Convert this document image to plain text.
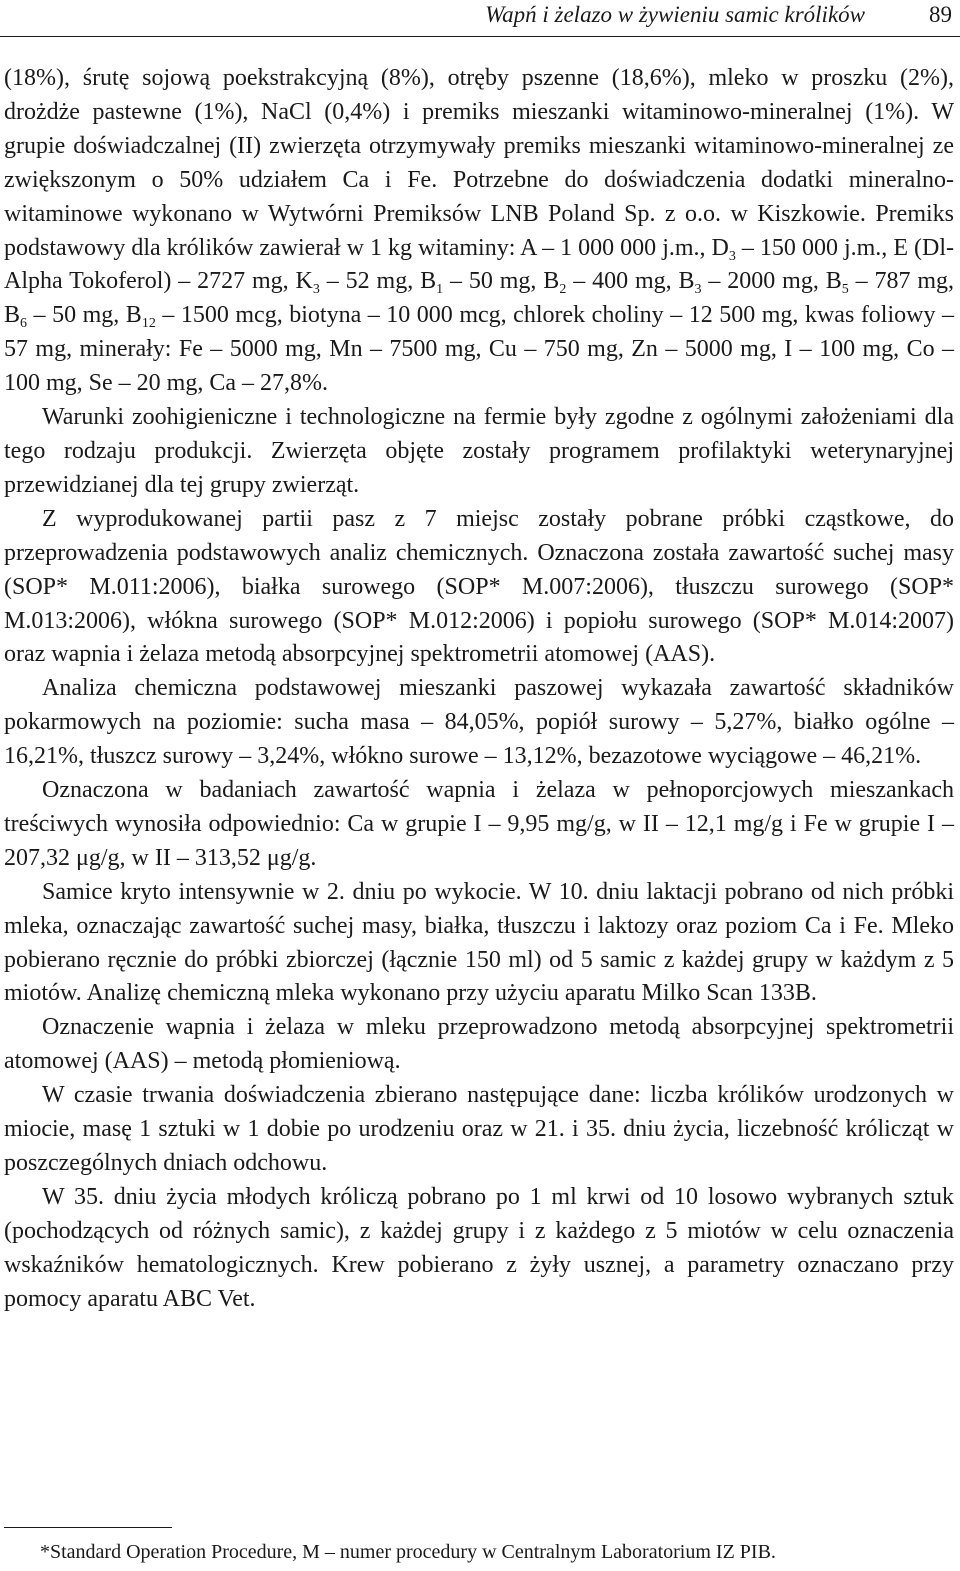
Wapń i żelazo w żywieniu samic królików	89

(18%), śrutę sojową poekstrakcyjną (8%), otręby pszenne (18,6%), mleko w proszku (2%), drożdże pastewne (1%), NaCl (0,4%) i premiks mieszanki witaminowo-mineralnej (1%). W grupie doświadczalnej (II) zwierzęta otrzymywały premiks mieszanki witaminowo-mineralnej ze zwiększonym o 50% udziałem Ca i Fe. Potrzebne do doświadczenia dodatki mineralno-witaminowe wykonano w Wytwórni Premiksów LNB Poland Sp. z o.o. w Kiszkowie. Premiks podstawowy dla królików zawierał w 1 kg witaminy: A – 1 000 000 j.m., $D_3 - 150$ 000 j.m., E (Dl-Alpha Tokoferol) – 2727 mg, $K_3 - 52$ mg, $B_1 - 50$ mg, $B_2 - 400$ mg, $B_3 - 2000$ mg, $B_5 - 787$ mg, $B_6 - 50$ mg, $B_{12} - 1500$ mcg, biotyna – 10 000 mcg, chlorek choliny – 12 500 mg, kwas foliowy – 57 mg, minerały: Fe – 5000 mg, Mn – 7500 mg, Cu – 750 mg, Zn – 5000 mg, I – 100 mg, Co – 100 mg, Se – 20 mg, Ca – 27,8%.

Warunki zoohigieniczne i technologiczne na fermie były zgodne z ogólnymi założeniami dla tego rodzaju produkcji. Zwierzęta objęte zostały programem profilaktyki weterynaryjnej przewidzianej dla tej grupy zwierząt.

Z wyprodukowanej partii pasz z 7 miejsc zostały pobrane próbki cząstkowe, do przeprowadzenia podstawowych analiz chemicznych. Oznaczona została zawartość suchej masy (SOP* M.011:2006), białka surowego (SOP* M.007:2006), tłuszczu surowego (SOP* M.013:2006), włókna surowego (SOP* M.012:2006) i popiołu surowego (SOP* M.014:2007) oraz wapnia i żelaza metodą absorpcyjnej spektrometrii atomowej (AAS).

Analiza chemiczna podstawowej mieszanki paszowej wykazała zawartość składników pokarmowych na poziomie: sucha masa – 84,05%, popiół surowy – 5,27%, białko ogólne – 16,21%, tłuszcz surowy – 3,24%, włókno surowe – 13,12%, bezazotowe wyciągowe – 46,21%.

Oznaczona w badaniach zawartość wapnia i żelaza w pełnoporcjowych mieszankach treściwych wynosiła odpowiednio: Ca w grupie I – 9,95 mg/g, w II – 12,1 mg/g i Fe w grupie I – 207,32 μg/g, w II – 313,52 μg/g.

Samice kryto intensywnie w 2. dniu po wykocie. W 10. dniu laktacji pobrano od nich próbki mleka, oznaczając zawartość suchej masy, białka, tłuszczu i laktozy oraz poziom Ca i Fe. Mleko pobierano ręcznie do próbki zbiorczej (łącznie 150 ml) od 5 samic z każdej grupy w każdym z 5 miotów. Analizę chemiczną mleka wykonano przy użyciu aparatu Milko Scan 133B.

Oznaczenie wapnia i żelaza w mleku przeprowadzono metodą absorpcyjnej spektrometrii atomowej (AAS) – metodą płomieniową.

W czasie trwania doświadczenia zbierano następujące dane: liczba królików urodzonych w miocie, masę 1 sztuki w 1 dobie po urodzeniu oraz w 21. i 35. dniu życia, liczebność królicząt w poszczególnych dniach odchowu.

W 35. dniu życia młodych króliczą pobrano po 1 ml krwi od 10 losowo wybranych sztuk (pochodzących od różnych samic), z każdej grupy i z każdego z 5 miotów w celu oznaczenia wskaźników hematologicznych. Krew pobierano z żyły usznej, a parametry oznaczano przy pomocy aparatu ABC Vet.

*Standard Operation Procedure, M – numer procedury w Centralnym Laboratorium IZ PIB.
